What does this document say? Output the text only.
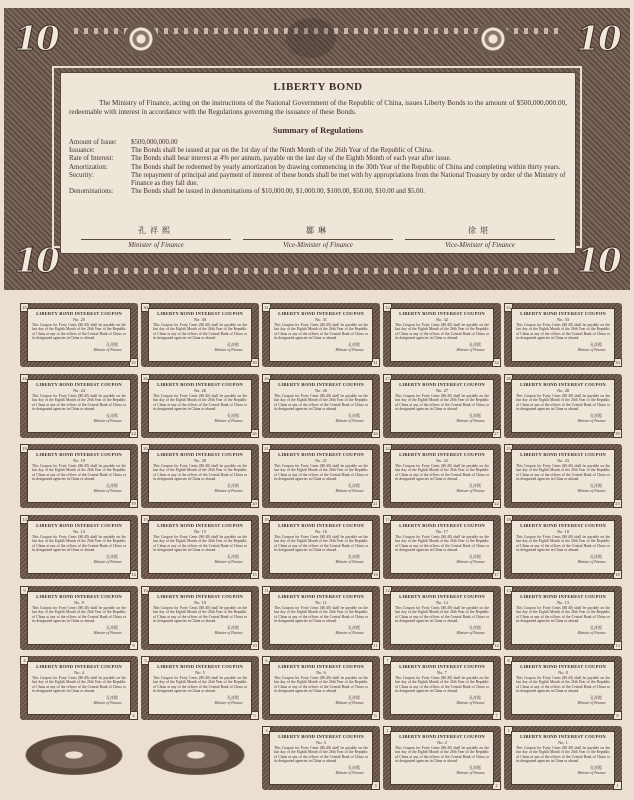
10	10
10	10
LIBERTY BOND
The Ministry of Finance, acting on the instructions of the National Government of the Republic of China, issues Liberty Bonds to the amount of $500,000,000.00, redeemable with interest in accordance with the Regulations governing the issuance of these Bonds.
Summary of Regulations
Amount of Issue:	$500,000,000.00
Issuance:	The Bonds shall be issued at par on the 1st day of the Ninth Month of the 26th Year of the Republic of China.
Rate of Interest:	The Bonds shall bear interest at 4% per annum, payable on the last day of the Eighth Month of each year after issue.
Amortization:	The Bonds shall be redeemed by yearly amortization by drawing commencing in the 30th Year of the Republic of China and completing within thirty years.
Security:	The repayment of principal and payment of interest of these bonds shall be met with by appropriations from the National Treasury by order of the Ministry of Finance as they fall due.
Denominations:	The Bonds shall be issued in denominations of $10,000.00, $1,000.00, $100.00, $50.00, $10.00 and $5.00.
孔祥熙
Minister of Finance
鄒琳
Vice-Minister of Finance
徐堪
Vice-Minister of Finance
25
25
LIBERTY BOND INTEREST COUPON
No. 25
This Coupon for Forty Cents ($0.40) shall be payable on the last day of the Eighth Month of the 26th Year of the Republic of China at any of the offices of the Central Bank of China or its designated agencies in China or abroad.
孔祥熙
Minister of Finance
30
30
LIBERTY BOND INTEREST COUPON
No. 30
This Coupon for Forty Cents ($0.40) shall be payable on the last day of the Eighth Month of the 26th Year of the Republic of China at any of the offices of the Central Bank of China or its designated agencies in China or abroad.
孔祥熙
Minister of Finance
31
31
LIBERTY BOND INTEREST COUPON
No. 31
This Coupon for Forty Cents ($0.40) shall be payable on the last day of the Eighth Month of the 26th Year of the Republic of China at any of the offices of the Central Bank of China or its designated agencies in China or abroad.
孔祥熙
Minister of Finance
32
32
LIBERTY BOND INTEREST COUPON
No. 32
This Coupon for Forty Cents ($0.40) shall be payable on the last day of the Eighth Month of the 26th Year of the Republic of China at any of the offices of the Central Bank of China or its designated agencies in China or abroad.
孔祥熙
Minister of Finance
33
33
LIBERTY BOND INTEREST COUPON
No. 33
This Coupon for Forty Cents ($0.40) shall be payable on the last day of the Eighth Month of the 26th Year of the Republic of China at any of the offices of the Central Bank of China or its designated agencies in China or abroad.
孔祥熙
Minister of Finance
24
24
LIBERTY BOND INTEREST COUPON
No. 24
This Coupon for Forty Cents ($0.40) shall be payable on the last day of the Eighth Month of the 26th Year of the Republic of China at any of the offices of the Central Bank of China or its designated agencies in China or abroad.
孔祥熙
Minister of Finance
26
26
LIBERTY BOND INTEREST COUPON
No. 26
This Coupon for Forty Cents ($0.40) shall be payable on the last day of the Eighth Month of the 26th Year of the Republic of China at any of the offices of the Central Bank of China or its designated agencies in China or abroad.
孔祥熙
Minister of Finance
26
26
LIBERTY BOND INTEREST COUPON
No. 26
This Coupon for Forty Cents ($0.40) shall be payable on the last day of the Eighth Month of the 26th Year of the Republic of China at any of the offices of the Central Bank of China or its designated agencies in China or abroad.
孔祥熙
Minister of Finance
27
27
LIBERTY BOND INTEREST COUPON
No. 27
This Coupon for Forty Cents ($0.40) shall be payable on the last day of the Eighth Month of the 26th Year of the Republic of China at any of the offices of the Central Bank of China or its designated agencies in China or abroad.
孔祥熙
Minister of Finance
28
28
LIBERTY BOND INTEREST COUPON
No. 28
This Coupon for Forty Cents ($0.40) shall be payable on the last day of the Eighth Month of the 26th Year of the Republic of China at any of the offices of the Central Bank of China or its designated agencies in China or abroad.
孔祥熙
Minister of Finance
19
19
LIBERTY BOND INTEREST COUPON
No. 19
This Coupon for Forty Cents ($0.40) shall be payable on the last day of the Eighth Month of the 26th Year of the Republic of China at any of the offices of the Central Bank of China or its designated agencies in China or abroad.
孔祥熙
Minister of Finance
20
20
LIBERTY BOND INTEREST COUPON
No. 20
This Coupon for Forty Cents ($0.40) shall be payable on the last day of the Eighth Month of the 26th Year of the Republic of China at any of the offices of the Central Bank of China or its designated agencies in China or abroad.
孔祥熙
Minister of Finance
21
21
LIBERTY BOND INTEREST COUPON
No. 21
This Coupon for Forty Cents ($0.40) shall be payable on the last day of the Eighth Month of the 26th Year of the Republic of China at any of the offices of the Central Bank of China or its designated agencies in China or abroad.
孔祥熙
Minister of Finance
22
22
LIBERTY BOND INTEREST COUPON
No. 22
This Coupon for Forty Cents ($0.40) shall be payable on the last day of the Eighth Month of the 26th Year of the Republic of China at any of the offices of the Central Bank of China or its designated agencies in China or abroad.
孔祥熙
Minister of Finance
23
23
LIBERTY BOND INTEREST COUPON
No. 23
This Coupon for Forty Cents ($0.40) shall be payable on the last day of the Eighth Month of the 26th Year of the Republic of China at any of the offices of the Central Bank of China or its designated agencies in China or abroad.
孔祥熙
Minister of Finance
14
14
LIBERTY BOND INTEREST COUPON
No. 14
This Coupon for Forty Cents ($0.40) shall be payable on the last day of the Eighth Month of the 26th Year of the Republic of China at any of the offices of the Central Bank of China or its designated agencies in China or abroad.
孔祥熙
Minister of Finance
15
15
LIBERTY BOND INTEREST COUPON
No. 15
This Coupon for Forty Cents ($0.40) shall be payable on the last day of the Eighth Month of the 26th Year of the Republic of China at any of the offices of the Central Bank of China or its designated agencies in China or abroad.
孔祥熙
Minister of Finance
16
16
LIBERTY BOND INTEREST COUPON
No. 16
This Coupon for Forty Cents ($0.40) shall be payable on the last day of the Eighth Month of the 26th Year of the Republic of China at any of the offices of the Central Bank of China or its designated agencies in China or abroad.
孔祥熙
Minister of Finance
17
17
LIBERTY BOND INTEREST COUPON
No. 17
This Coupon for Forty Cents ($0.40) shall be payable on the last day of the Eighth Month of the 26th Year of the Republic of China at any of the offices of the Central Bank of China or its designated agencies in China or abroad.
孔祥熙
Minister of Finance
18
18
LIBERTY BOND INTEREST COUPON
No. 18
This Coupon for Forty Cents ($0.40) shall be payable on the last day of the Eighth Month of the 26th Year of the Republic of China at any of the offices of the Central Bank of China or its designated agencies in China or abroad.
孔祥熙
Minister of Finance
9
9
LIBERTY BOND INTEREST COUPON
No. 9
This Coupon for Forty Cents ($0.40) shall be payable on the last day of the Eighth Month of the 26th Year of the Republic of China at any of the offices of the Central Bank of China or its designated agencies in China or abroad.
孔祥熙
Minister of Finance
10
10
LIBERTY BOND INTEREST COUPON
No. 10
This Coupon for Forty Cents ($0.40) shall be payable on the last day of the Eighth Month of the 26th Year of the Republic of China at any of the offices of the Central Bank of China or its designated agencies in China or abroad.
孔祥熙
Minister of Finance
11
11
LIBERTY BOND INTEREST COUPON
No. 11
This Coupon for Forty Cents ($0.40) shall be payable on the last day of the Eighth Month of the 26th Year of the Republic of China at any of the offices of the Central Bank of China or its designated agencies in China or abroad.
孔祥熙
Minister of Finance
12
12
LIBERTY BOND INTEREST COUPON
No. 12
This Coupon for Forty Cents ($0.40) shall be payable on the last day of the Eighth Month of the 26th Year of the Republic of China at any of the offices of the Central Bank of China or its designated agencies in China or abroad.
孔祥熙
Minister of Finance
13
13
LIBERTY BOND INTEREST COUPON
No. 13
This Coupon for Forty Cents ($0.40) shall be payable on the last day of the Eighth Month of the 26th Year of the Republic of China at any of the offices of the Central Bank of China or its designated agencies in China or abroad.
孔祥熙
Minister of Finance
4
4
LIBERTY BOND INTEREST COUPON
No. 4
This Coupon for Forty Cents ($0.40) shall be payable on the last day of the Eighth Month of the 26th Year of the Republic of China at any of the offices of the Central Bank of China or its designated agencies in China or abroad.
孔祥熙
Minister of Finance
5
5
LIBERTY BOND INTEREST COUPON
No. 5
This Coupon for Forty Cents ($0.40) shall be payable on the last day of the Eighth Month of the 26th Year of the Republic of China at any of the offices of the Central Bank of China or its designated agencies in China or abroad.
孔祥熙
Minister of Finance
6
6
LIBERTY BOND INTEREST COUPON
No. 6
This Coupon for Forty Cents ($0.40) shall be payable on the last day of the Eighth Month of the 26th Year of the Republic of China at any of the offices of the Central Bank of China or its designated agencies in China or abroad.
孔祥熙
Minister of Finance
7
7
LIBERTY BOND INTEREST COUPON
No. 7
This Coupon for Forty Cents ($0.40) shall be payable on the last day of the Eighth Month of the 26th Year of the Republic of China at any of the offices of the Central Bank of China or its designated agencies in China or abroad.
孔祥熙
Minister of Finance
8
8
LIBERTY BOND INTEREST COUPON
No. 8
This Coupon for Forty Cents ($0.40) shall be payable on the last day of the Eighth Month of the 26th Year of the Republic of China at any of the offices of the Central Bank of China or its designated agencies in China or abroad.
孔祥熙
Minister of Finance
3
3
LIBERTY BOND INTEREST COUPON
No. 3
This Coupon for Forty Cents ($0.40) shall be payable on the last day of the Eighth Month of the 26th Year of the Republic of China at any of the offices of the Central Bank of China or its designated agencies in China or abroad.
孔祥熙
Minister of Finance
2
2
LIBERTY BOND INTEREST COUPON
No. 2
This Coupon for Forty Cents ($0.40) shall be payable on the last day of the Eighth Month of the 26th Year of the Republic of China at any of the offices of the Central Bank of China or its designated agencies in China or abroad.
孔祥熙
Minister of Finance
1
1
LIBERTY BOND INTEREST COUPON
No. 1
This Coupon for Forty Cents ($0.40) shall be payable on the last day of the Eighth Month of the 26th Year of the Republic of China at any of the offices of the Central Bank of China or its designated agencies in China or abroad.
孔祥熙
Minister of Finance
